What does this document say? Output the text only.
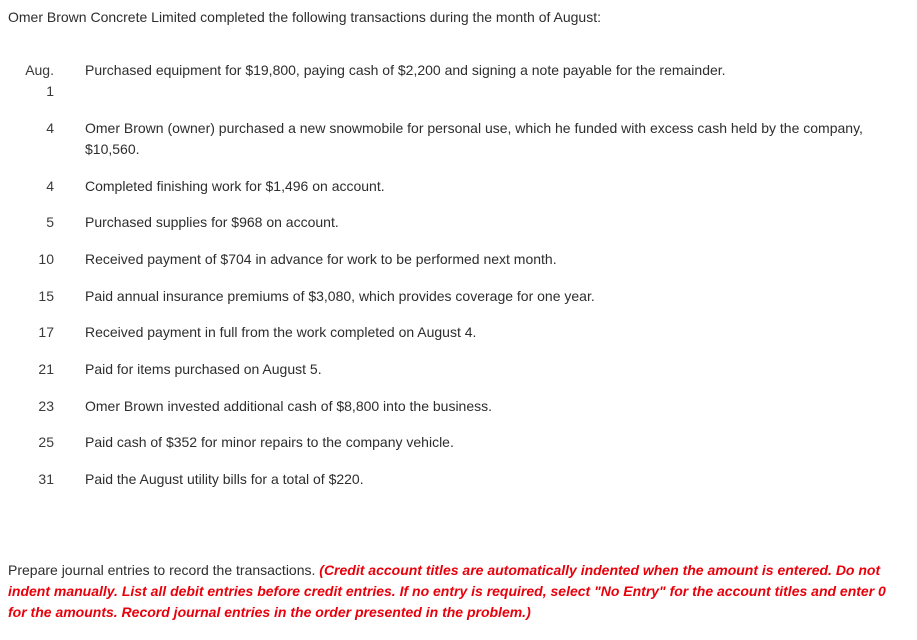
Omer Brown Concrete Limited completed the following transactions during the month of August:
Aug.
1
Purchased equipment for $19,800, paying cash of $2,200 and signing a note payable for the remainder.
4 Omer Brown (owner) purchased a new snowmobile for personal use, which he funded with excess cash held by the company, $10,560.
4 Completed finishing work for $1,496 on account.
5 Purchased supplies for $968 on account.
10 Received payment of $704 in advance for work to be performed next month.
15 Paid annual insurance premiums of $3,080, which provides coverage for one year.
17 Received payment in full from the work completed on August 4.
21 Paid for items purchased on August 5.
23 Omer Brown invested additional cash of $8,800 into the business.
25 Paid cash of $352 for minor repairs to the company vehicle.
31 Paid the August utility bills for a total of $220.
Prepare journal entries to record the transactions. (Credit account titles are automatically indented when the amount is entered. Do not indent manually. List all debit entries before credit entries. If no entry is required, select "No Entry" for the account titles and enter 0 for the amounts. Record journal entries in the order presented in the problem.)
